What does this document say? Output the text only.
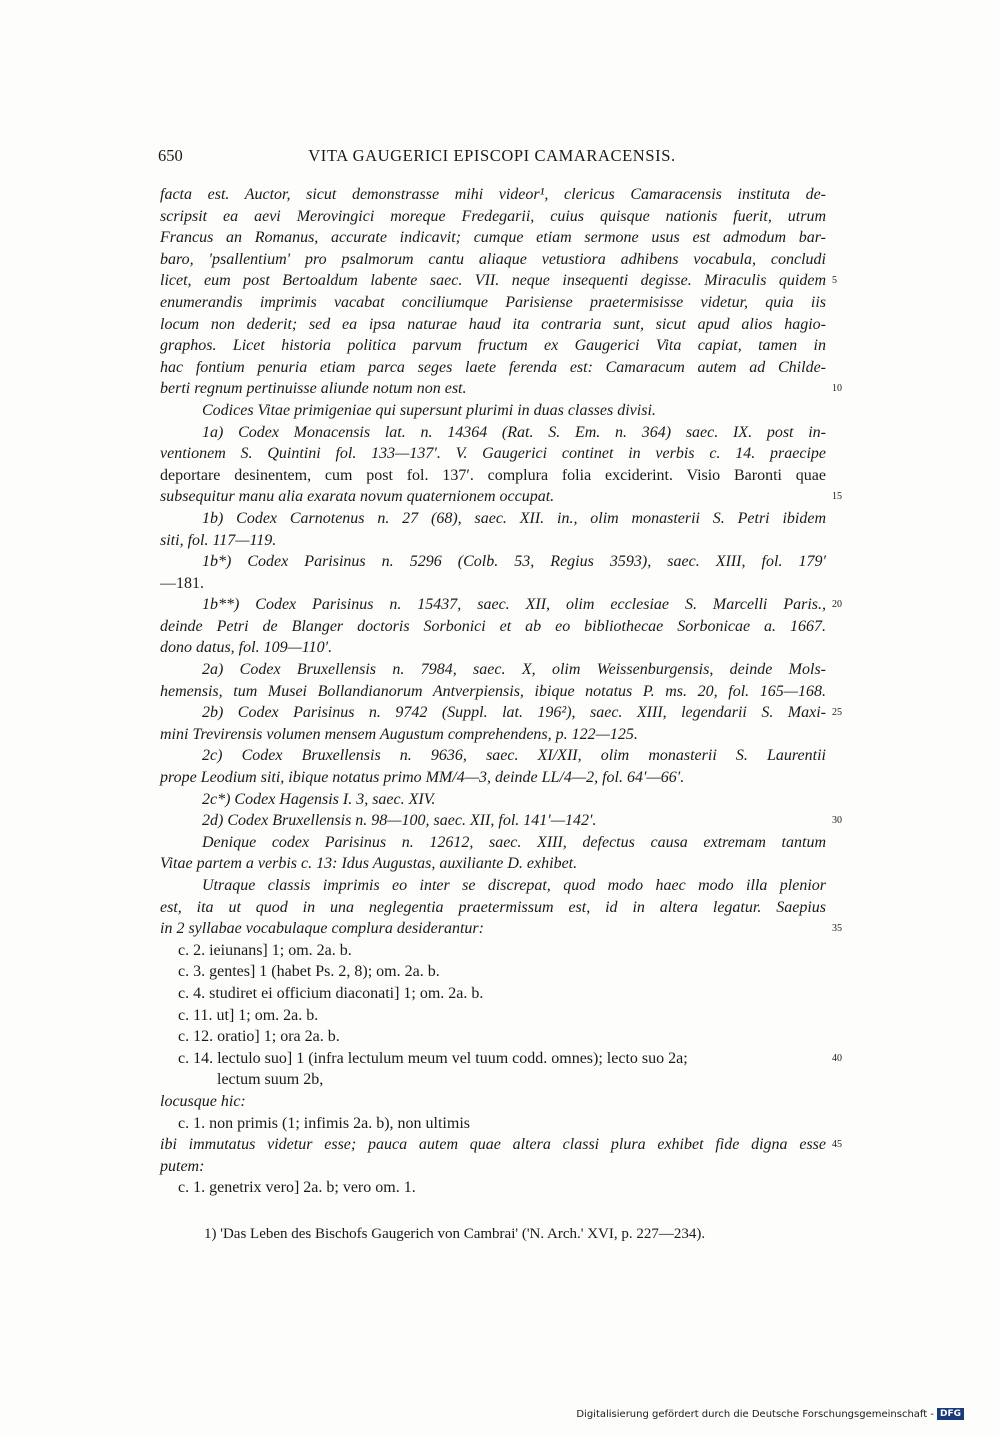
650	VITA GAUGERICI EPISCOPI CAMARACENSIS.
facta est. Auctor, sicut demonstrasse mihi videor¹, clericus Camaracensis instituta de-
scripsit ea aevi Merovingici moreque Fredegarii, cuius quisque nationis fuerit, utrum
Francus an Romanus, accurate indicavit; cumque etiam sermone usus est admodum bar-
baro, 'psallentium' pro psalmorum cantu aliaque vetustiora adhibens vocabula, concludi
licet, eum post Bertoaldum labente saec. VII. neque insequenti degisse. Miraculis quidem
enumerandis imprimis vacabat conciliumque Parisiense praetermisisse videtur, quia iis
locum non dederit; sed ea ipsa naturae haud ita contraria sunt, sicut apud alios hagio-
graphos. Licet historia politica parvum fructum ex Gaugerici Vita capiat, tamen in
hac fontium penuria etiam parca seges laete ferenda est: Camaracum autem ad Childe-
berti regnum pertinuisse aliunde notum non est.
Codices Vitae primigeniae qui supersunt plurimi in duas classes divisi.
1a) Codex Monacensis lat. n. 14364 (Rat. S. Em. n. 364) saec. IX. post in-
ventionem S. Quintini fol. 133—137′. V. Gaugerici continet in verbis c. 14. praecipe
deportare desinentem, cum post fol. 137′. complura folia exciderint. Visio Baronti quae
subsequitur manu alia exarata novum quaternionem occupat.
1b) Codex Carnotenus n. 27 (68), saec. XII. in., olim monasterii S. Petri ibidem
siti, fol. 117—119.
1b*) Codex Parisinus n. 5296 (Colb. 53, Regius 3593), saec. XIII, fol. 179′
—181.
1b**) Codex Parisinus n. 15437, saec. XII, olim ecclesiae S. Marcelli Paris.,
deinde Petri de Blanger doctoris Sorbonici et ab eo bibliothecae Sorbonicae a. 1667.
dono datus, fol. 109—110′.
2a) Codex Bruxellensis n. 7984, saec. X, olim Weissenburgensis, deinde Mols-
hemensis, tum Musei Bollandianorum Antverpiensis, ibique notatus P. ms. 20, fol. 165—168.
2b) Codex Parisinus n. 9742 (Suppl. lat. 196²), saec. XIII, legendarii S. Maxi-
mini Trevirensis volumen mensem Augustum comprehendens, p. 122—125.
2c) Codex Bruxellensis n. 9636, saec. XI/XII, olim monasterii S. Laurentii
prope Leodium siti, ibique notatus primo MM/4—3, deinde LL/4—2, fol. 64′—66′.
2c*) Codex Hagensis I. 3, saec. XIV.
2d) Codex Bruxellensis n. 98—100, saec. XII, fol. 141′—142′.
Denique codex Parisinus n. 12612, saec. XIII, defectus causa extremam tantum
Vitae partem a verbis c. 13: Idus Augustas, auxiliante D. exhibet.
Utraque classis imprimis eo inter se discrepat, quod modo haec modo illa plenior
est, ita ut quod in una neglegentia praetermissum est, id in altera legatur. Saepius
in 2 syllabae vocabulaque complura desiderantur:
c. 2. ieiunans] 1; om. 2a. b.
c. 3. gentes] 1 (habet Ps. 2, 8); om. 2a. b.
c. 4. studiret ei officium diaconati] 1; om. 2a. b.
c. 11. ut] 1; om. 2a. b.
c. 12. oratio] 1; ora 2a. b.
c. 14. lectulo suo] 1 (infra lectulum meum vel tuum codd. omnes); lecto suo 2a;
lectum suum 2b,
locusque hic:
c. 1. non primis (1; infimis 2a. b), non ultimis
ibi immutatus videtur esse; pauca autem quae altera classi plura exhibet fide digna esse
putem:
c. 1. genetrix vero] 2a. b; vero om. 1.
5
10
15
20
25
30
35
40
45
1) 'Das Leben des Bischofs Gaugerich von Cambrai' ('N. Arch.' XVI, p. 227—234).
Digitalisierung gefördert durch die Deutsche Forschungsgemeinschaft - DFG
